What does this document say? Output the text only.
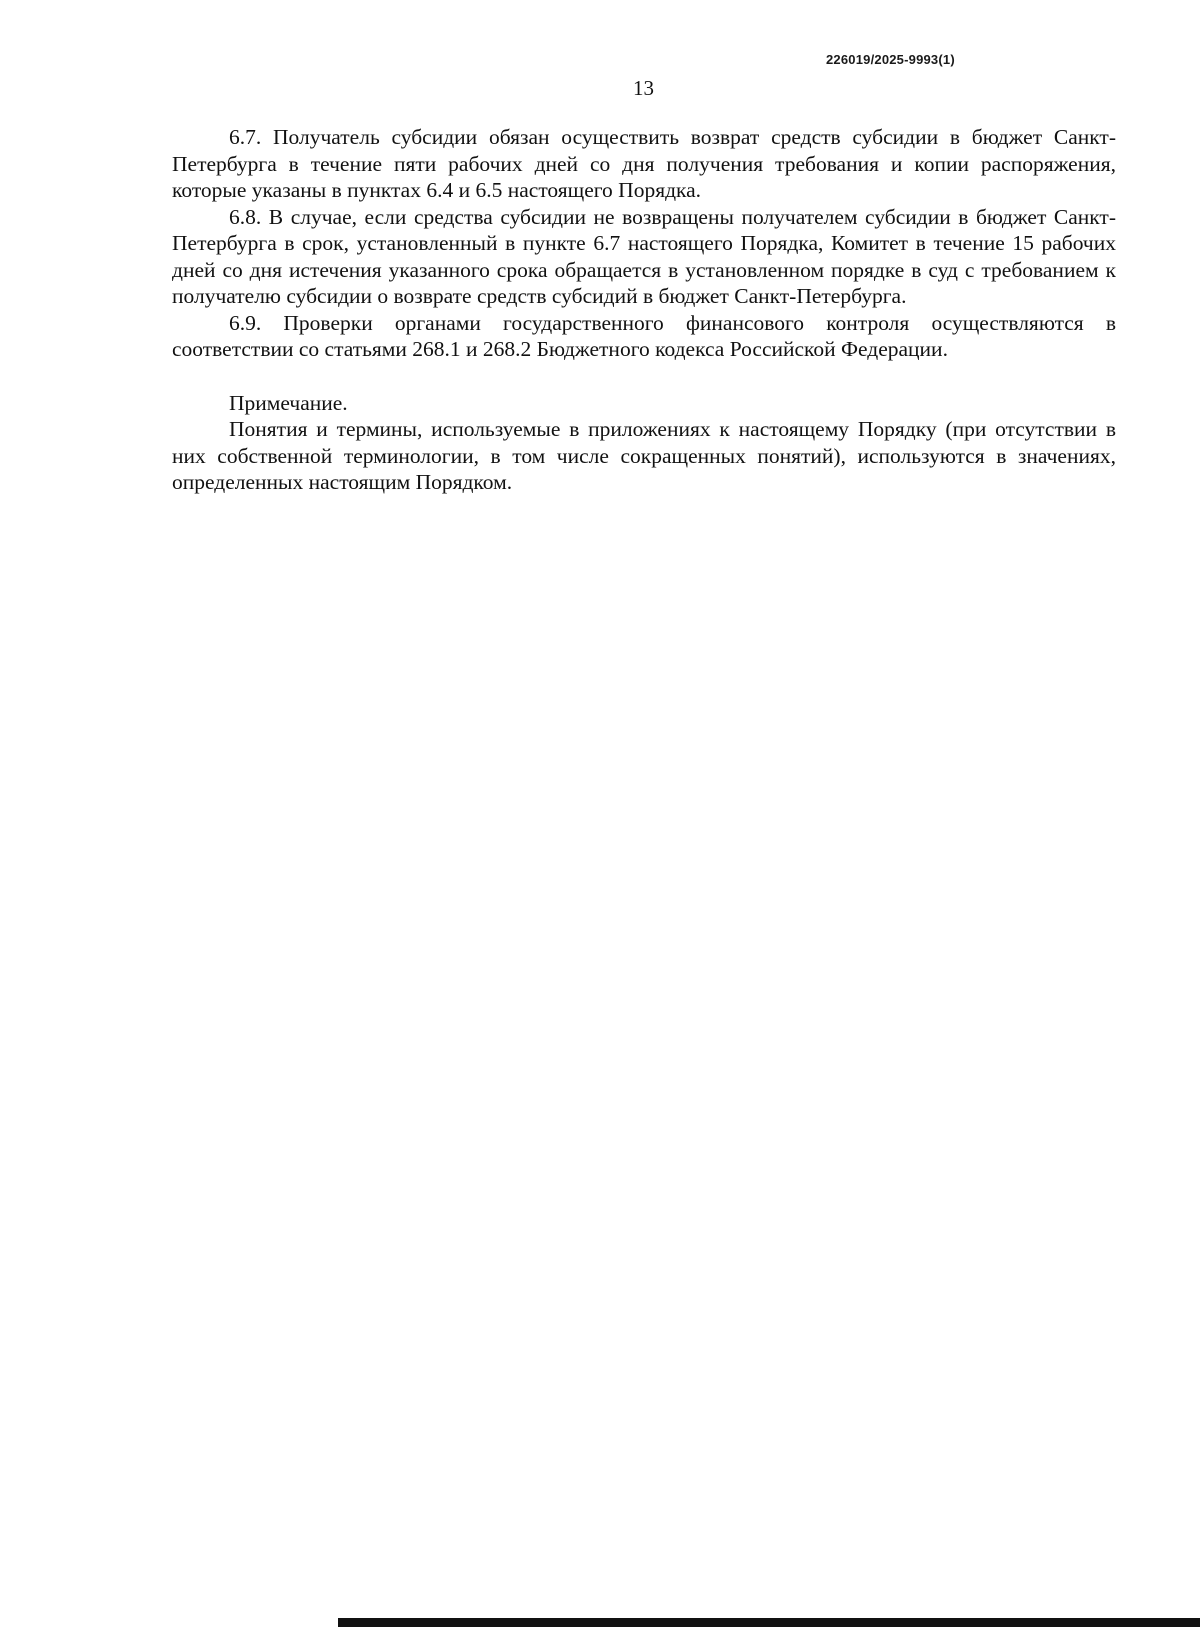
226019/2025-9993(1)
13

6.7. Получатель субсидии обязан осуществить возврат средств субсидии в бюджет Санкт-Петербурга в течение пяти рабочих дней со дня получения требования и копии распоряжения, которые указаны в пунктах 6.4 и 6.5 настоящего Порядка.

6.8. В случае, если средства субсидии не возвращены получателем субсидии в бюджет Санкт-Петербурга в срок, установленный в пункте 6.7 настоящего Порядка, Комитет в течение 15 рабочих дней со дня истечения указанного срока обращается в установленном порядке в суд с требованием к получателю субсидии о возврате средств субсидий в бюджет Санкт-Петербурга.

6.9. Проверки органами государственного финансового контроля осуществляются в соответствии со статьями 268.1 и 268.2 Бюджетного кодекса Российской Федерации.

Примечание.

Понятия и термины, используемые в приложениях к настоящему Порядку (при отсутствии в них собственной терминологии, в том числе сокращенных понятий), используются в значениях, определенных настоящим Порядком.
